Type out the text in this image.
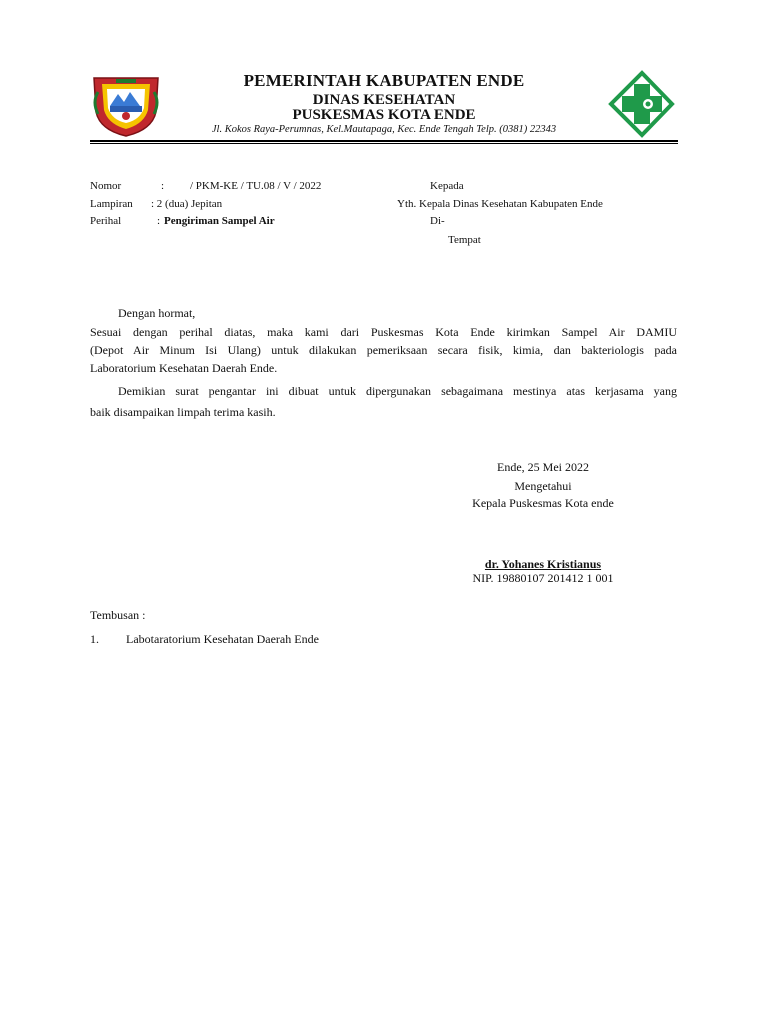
PEMERINTAH KABUPATEN ENDE
DINAS KESEHATAN
PUSKESMAS KOTA ENDE
Jl. Kokos Raya-Perumnas, Kel.Mautapaga, Kec. Ende Tengah Telp. (0381) 22343
Nomor	: / PKM-KE / TU.08 / V / 2022
Lampiran : 2 (dua) Jepitan
Perihal	: Pengiriman Sampel Air
Kepada
Yth. Kepala Dinas Kesehatan Kabupaten Ende
Di-
Tempat
Dengan hormat,
Sesuai dengan perihal diatas, maka kami dari Puskesmas Kota Ende kirimkan Sampel Air DAMIU
(Depot Air Minum Isi Ulang) untuk dilakukan pemeriksaan secara fisik, kimia, dan bakteriologis pada
Laboratorium Kesehatan Daerah Ende.
Demikian surat pengantar ini dibuat untuk dipergunakan sebagaimana mestinya atas kerjasama yang
baik disampaikan limpah terima kasih.
Ende, 25 Mei 2022
Mengetahui
Kepala Puskesmas Kota ende
dr. Yohanes Kristianus
NIP. 19880107 201412 1 001
Tembusan :
1. Labotaratorium Kesehatan Daerah Ende
